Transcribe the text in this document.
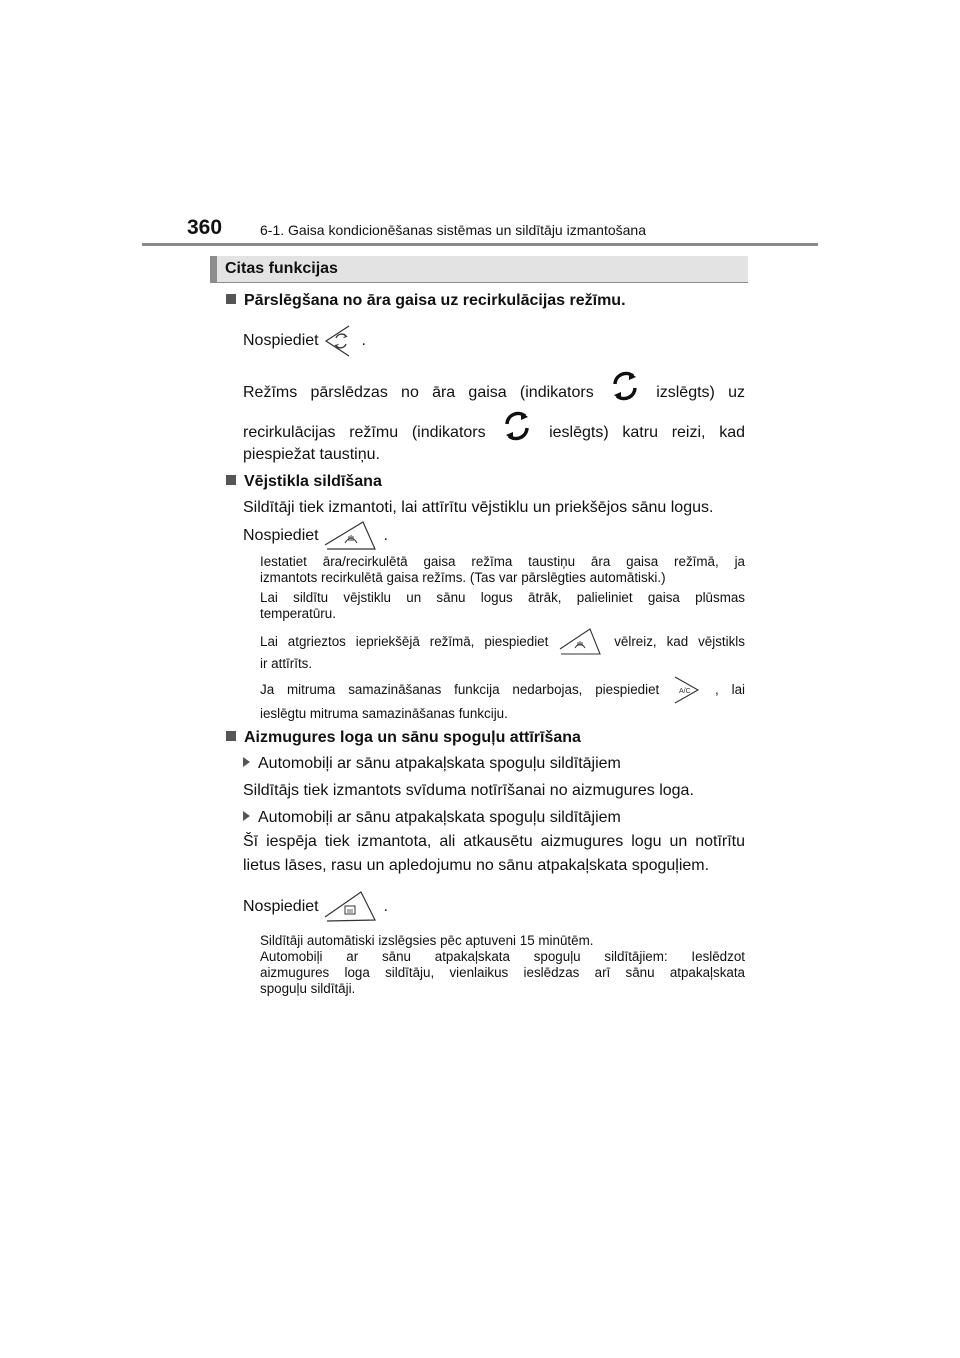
360	6-1. Gaisa kondicionēšanas sistēmas un sildītāju izmantošana
Citas funkcijas
Pārslēgšana no āra gaisa uz recirkulācijas režīmu.
Nospiediet	.
Režīms pārslēdzas no āra gaisa (indikators	izslēgts) uz
recirkulācijas režīmu (indikators	ieslēgts) katru reizi, kad
piespiežat taustiņu.
Vējstikla sildīšana
Sildītāji tiek izmantoti, lai attīrītu vējstiklu un priekšējos sānu logus.
Nospiediet	.
Iestatiet āra/recirkulētā gaisa režīma taustiņu āra gaisa režīmā, ja
izmantots recirkulētā gaisa režīms. (Tas var pārslēgties automātiski.)
Lai sildītu vējstiklu un sānu logus ātrāk, palieliniet gaisa plūsmas
temperatūru.
Lai atgrieztos iepriekšējā režīmā, piespiediet	vēlreiz, kad vējstikls
ir attīrīts.
Ja mitruma samazināšanas funkcija nedarbojas, piespiediet	A/C , lai
ieslēgtu mitruma samazināšanas funkciju.
Aizmugures loga un sānu spoguļu attīrīšana
Automobiļi ar sānu atpakaļskata spoguļu sildītājiem
Sildītājs tiek izmantots svīduma notīrīšanai no aizmugures loga.
Automobiļi ar sānu atpakaļskata spoguļu sildītājiem
Šī iespēja tiek izmantota, ali atkausētu aizmugures logu un notīrītu
lietus lāses, rasu un apledojumu no sānu atpakaļskata spoguļiem.
Nospiediet	.
Sildītāji automātiski izslēgsies pēc aptuveni 15 minūtēm.
Automobiļi ar sānu atpakaļskata spoguļu sildītājiem: Ieslēdzot
aizmugures loga sildītāju, vienlaikus ieslēdzas arī sānu atpakaļskata
spoguļu sildītāji.
